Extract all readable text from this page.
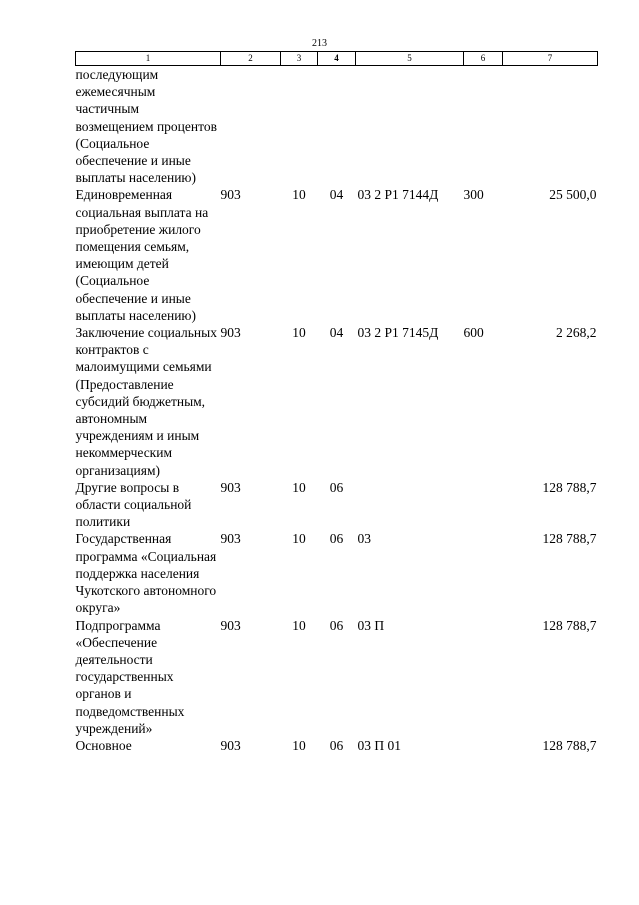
213
1	2	3	4	5	6	7
последующим ежемесячным частичным возмещением процентов (Социальное обеспечение и иные выплаты населению)						
Единовременная социальная выплата на приобретение жилого помещения семьям, имеющим детей (Социальное обеспечение и иные выплаты населению)	903	10	04	03 2 Р1 7144Д	300	25 500,0
Заключение социальных контрактов с малоимущими семьями (Предоставление субсидий бюджетным, автономным учреждениям и иным некоммерческим организациям)	903	10	04	03 2 Р1 7145Д	600	2 268,2
Другие вопросы в области социальной политики	903	10	06			128 788,7
Государственная программа «Социальная поддержка населения Чукотского автономного округа»	903	10	06	03		128 788,7
Подпрограмма «Обеспечение деятельности государственных органов и подведомственных учреждений»	903	10	06	03 П		128 788,7
Основное	903	10	06	03 П 01		128 788,7
